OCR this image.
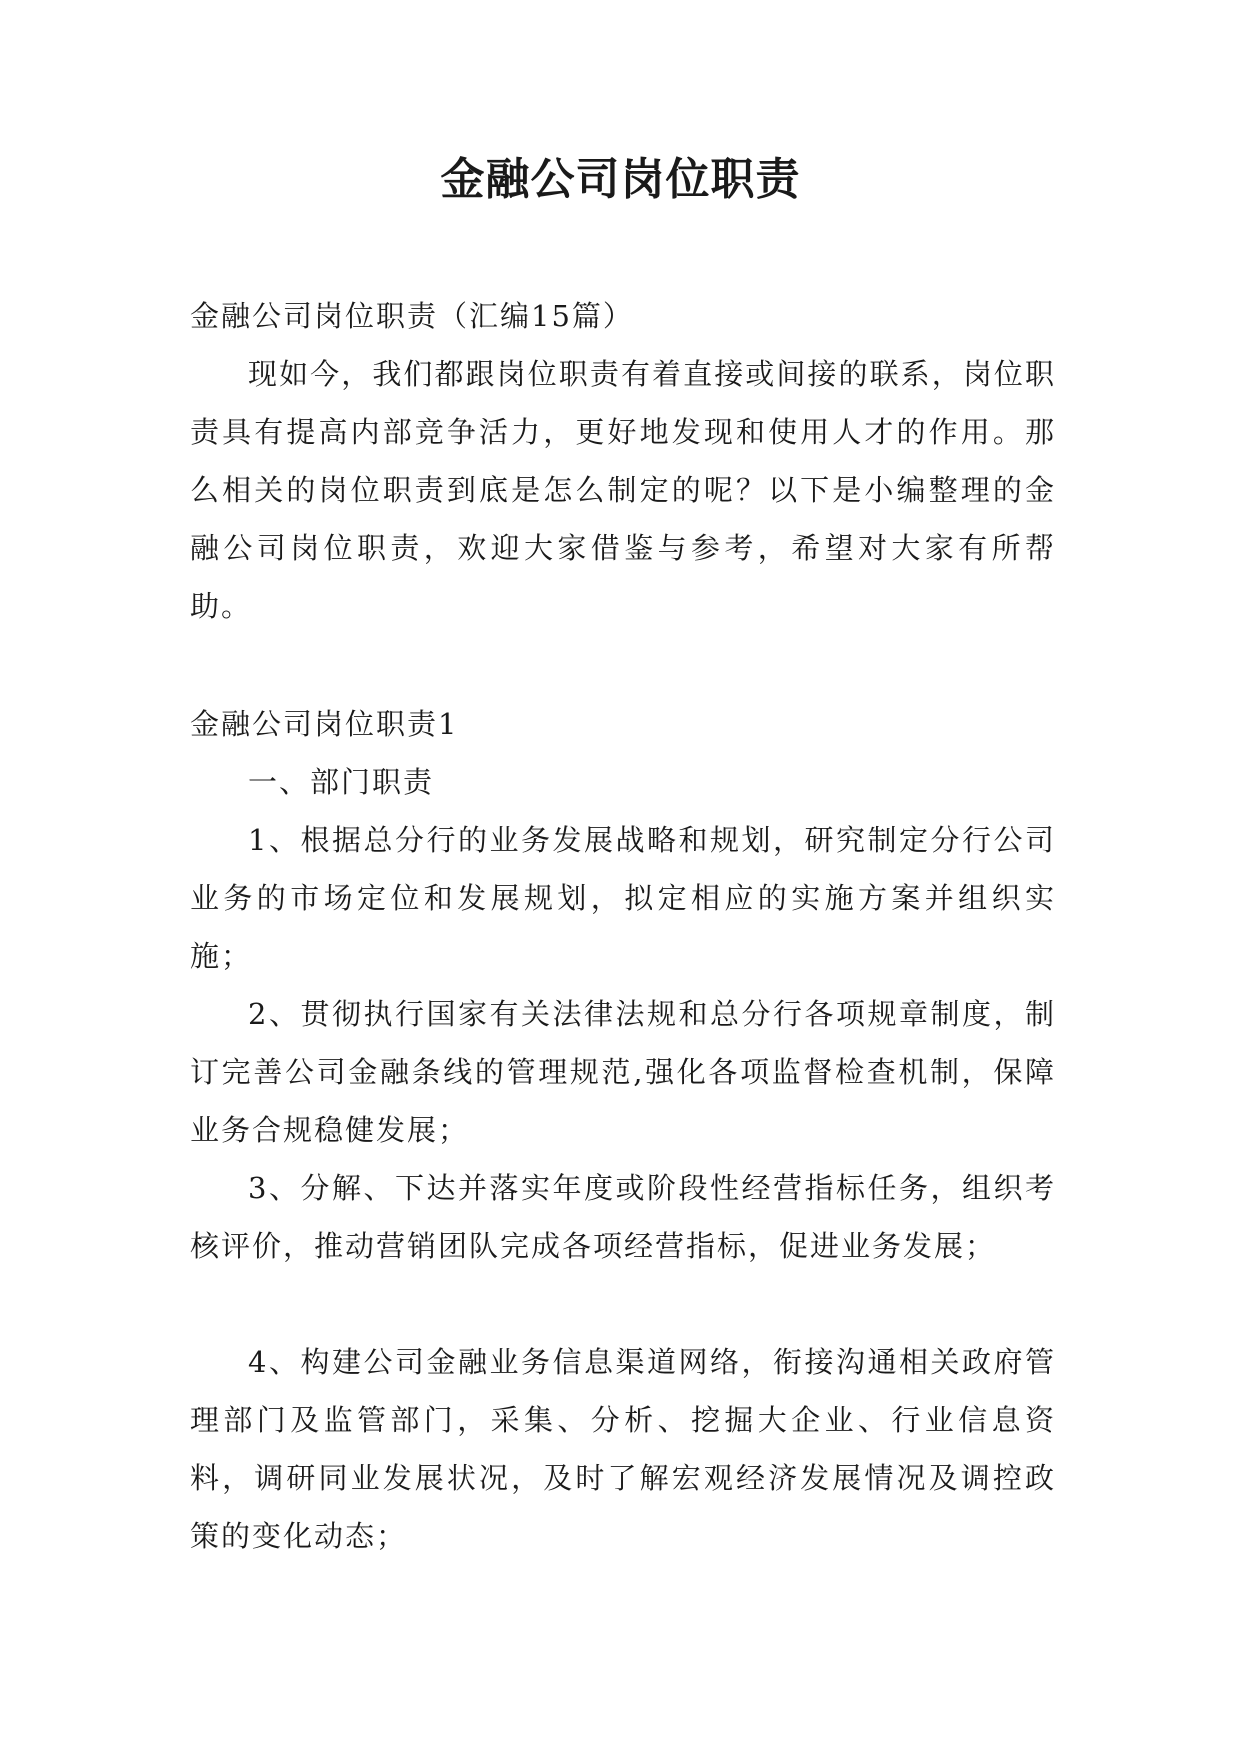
金融公司岗位职责

金融公司岗位职责（汇编15篇）

现如今，我们都跟岗位职责有着直接或间接的联系，岗位职责具有提高内部竞争活力，更好地发现和使用人才的作用。那么相关的岗位职责到底是怎么制定的呢？以下是小编整理的金融公司岗位职责，欢迎大家借鉴与参考，希望对大家有所帮助。

金融公司岗位职责1

一、部门职责

1、根据总分行的业务发展战略和规划，研究制定分行公司业务的市场定位和发展规划，拟定相应的实施方案并组织实施；

2、贯彻执行国家有关法律法规和总分行各项规章制度，制订完善公司金融条线的管理规范,强化各项监督检查机制，保障业务合规稳健发展；

3、分解、下达并落实年度或阶段性经营指标任务，组织考核评价，推动营销团队完成各项经营指标，促进业务发展；

4、构建公司金融业务信息渠道网络，衔接沟通相关政府管理部门及监管部门，采集、分析、挖掘大企业、行业信息资料，调研同业发展状况，及时了解宏观经济发展情况及调控政策的变化动态；
